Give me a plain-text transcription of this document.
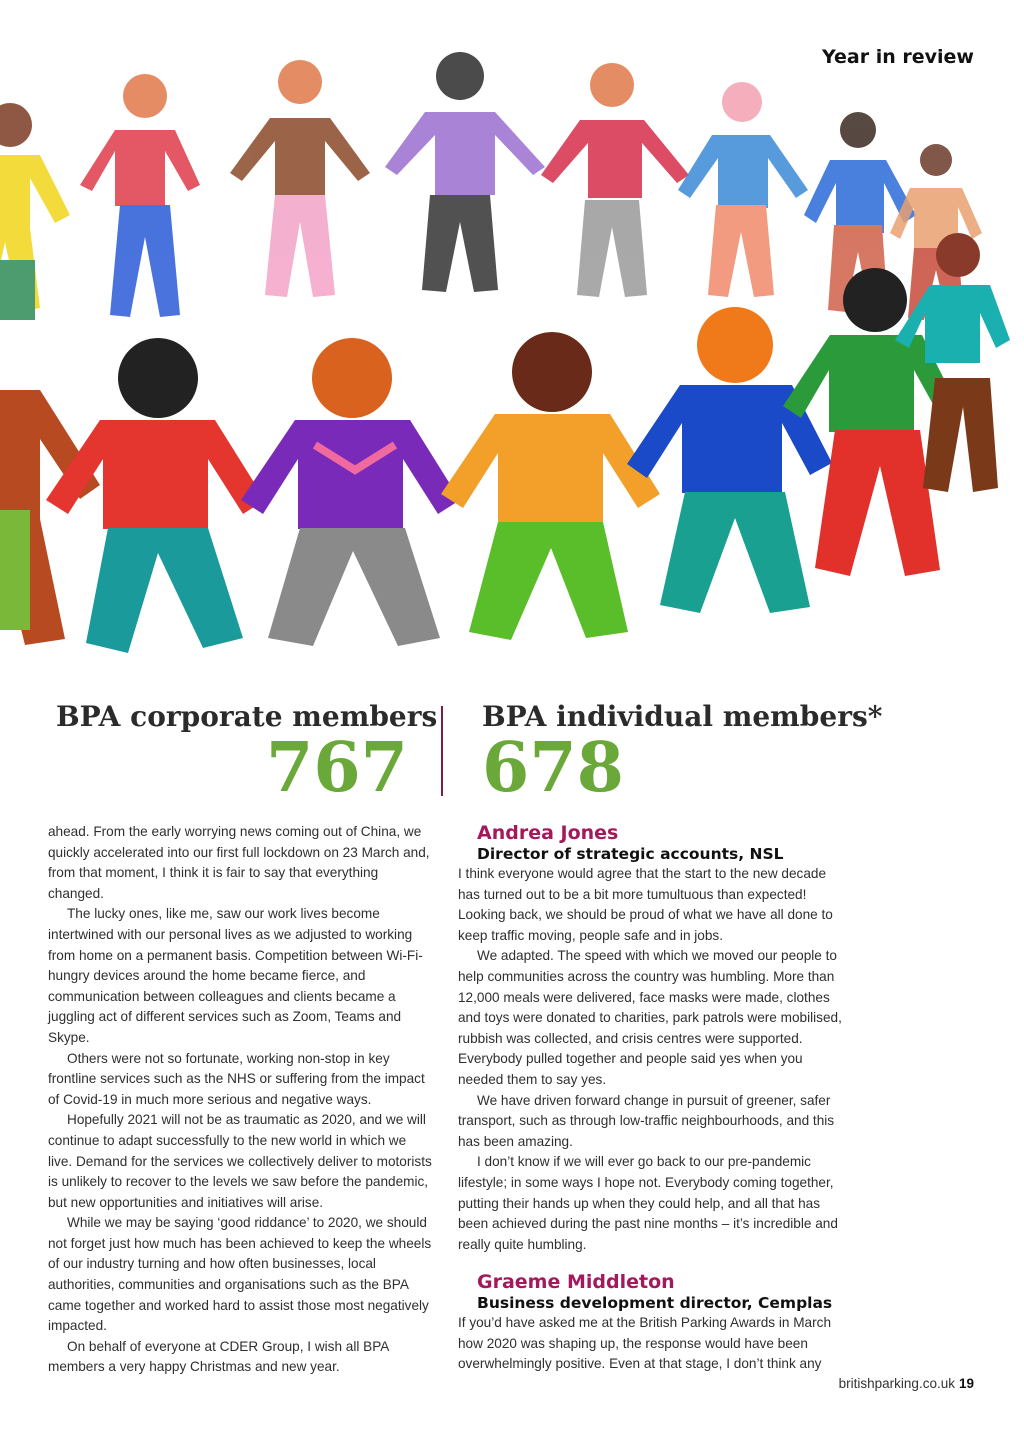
Year in review
BPA corporate members
767
BPA individual members*
678

ahead. From the early worrying news coming out of China, we quickly accelerated into our first full lockdown on 23 March and, from that moment, I think it is fair to say that everything changed.

The lucky ones, like me, saw our work lives become intertwined with our personal lives as we adjusted to working from home on a permanent basis. Competition between Wi-Fi-hungry devices around the home became fierce, and communication between colleagues and clients became a juggling act of different services such as Zoom, Teams and Skype.

Others were not so fortunate, working non-stop in key frontline services such as the NHS or suffering from the impact of Covid-19 in much more serious and negative ways.

Hopefully 2021 will not be as traumatic as 2020, and we will continue to adapt successfully to the new world in which we live. Demand for the services we collectively deliver to motorists is unlikely to recover to the levels we saw before the pandemic, but new opportunities and initiatives will arise.

While we may be saying ‘good riddance’ to 2020, we should not forget just how much has been achieved to keep the wheels of our industry turning and how often businesses, local authorities, communities and organisations such as the BPA came together and worked hard to assist those most negatively impacted.

On behalf of everyone at CDER Group, I wish all BPA members a very happy Christmas and new year.

Andrea Jones

Director of strategic accounts, NSL

I think everyone would agree that the start to the new decade has turned out to be a bit more tumultuous than expected! Looking back, we should be proud of what we have all done to keep traffic moving, people safe and in jobs.

We adapted. The speed with which we moved our people to help communities across the country was humbling. More than 12,000 meals were delivered, face masks were made, clothes and toys were donated to charities, park patrols were mobilised, rubbish was collected, and crisis centres were supported. Everybody pulled together and people said yes when you needed them to say yes.

We have driven forward change in pursuit of greener, safer transport, such as through low-traffic neighbourhoods, and this has been amazing.

I don’t know if we will ever go back to our pre-pandemic lifestyle; in some ways I hope not. Everybody coming together, putting their hands up when they could help, and all that has been achieved during the past nine months – it’s incredible and really quite humbling.

Graeme Middleton

Business development director, Cemplas

If you’d have asked me at the British Parking Awards in March how 2020 was shaping up, the response would have been overwhelmingly positive. Even at that stage, I don’t think any

britishparking.co.uk 19
